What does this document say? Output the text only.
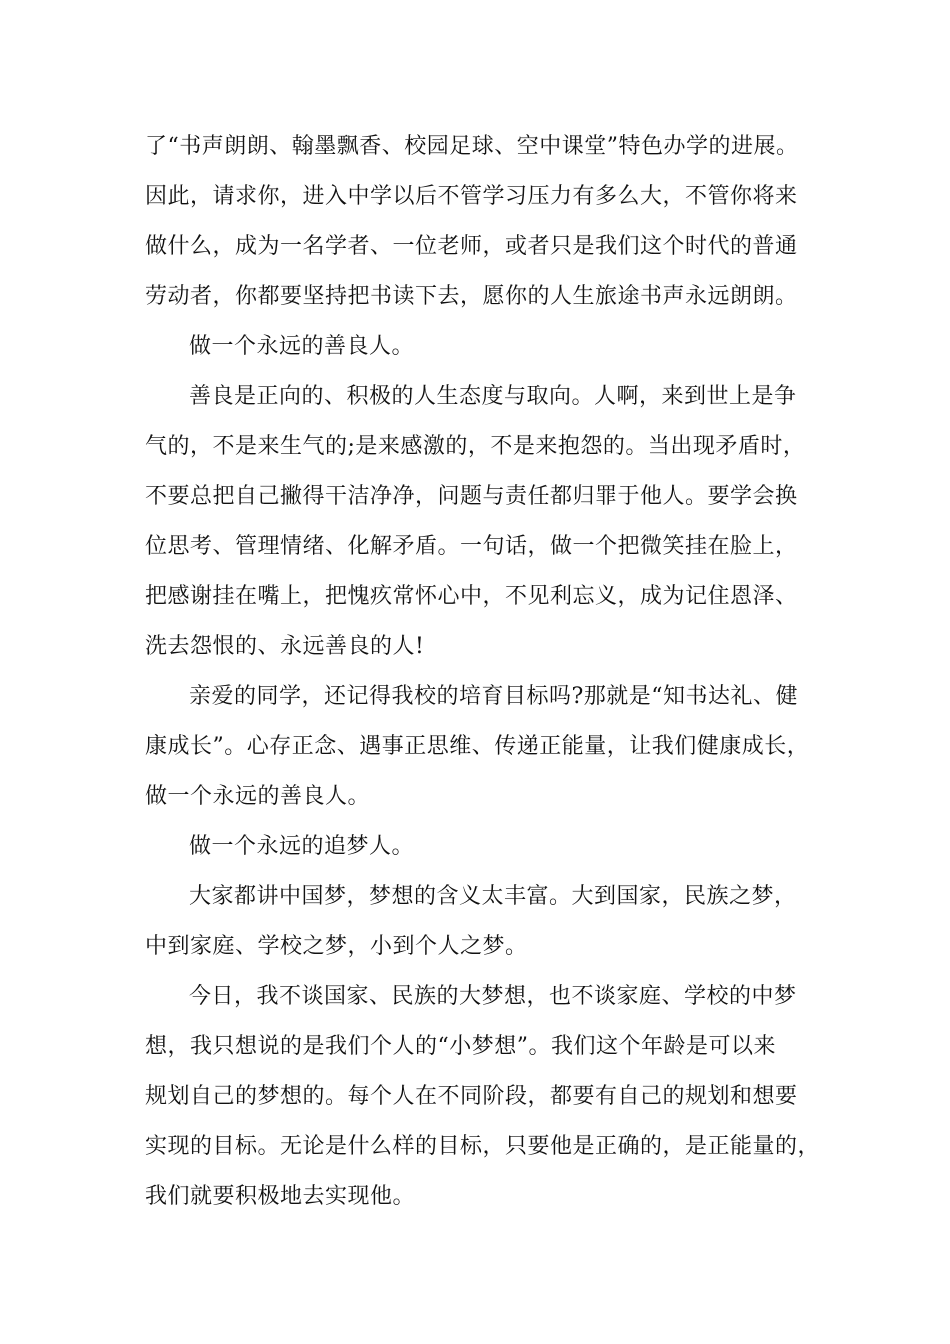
了“书声朗朗、翰墨飘香、校园足球、空中课堂”特色办学的进展。
因此，请求你，进入中学以后不管学习压力有多么大，不管你将来
做什么，成为一名学者、一位老师，或者只是我们这个时代的普通
劳动者，你都要坚持把书读下去，愿你的人生旅途书声永远朗朗。
做一个永远的善良人。
善良是正向的、积极的人生态度与取向。人啊，来到世上是争
气的，不是来生气的;是来感激的，不是来抱怨的。当出现矛盾时，
不要总把自己撇得干洁净净，问题与责任都归罪于他人。要学会换
位思考、管理情绪、化解矛盾。一句话，做一个把微笑挂在脸上，
把感谢挂在嘴上，把愧疚常怀心中，不见利忘义，成为记住恩泽、
洗去怨恨的、永远善良的人!
亲爱的同学，还记得我校的培育目标吗?那就是“知书达礼、健
康成长”。心存正念、遇事正思维、传递正能量，让我们健康成长，
做一个永远的善良人。
做一个永远的追梦人。
大家都讲中国梦，梦想的含义太丰富。大到国家，民族之梦，
中到家庭、学校之梦，小到个人之梦。
今日，我不谈国家、民族的大梦想，也不谈家庭、学校的中梦
想，我只想说的是我们个人的“小梦想”。我们这个年龄是可以来
规划自己的梦想的。每个人在不同阶段，都要有自己的规划和想要
实现的目标。无论是什么样的目标，只要他是正确的，是正能量的，
我们就要积极地去实现他。
